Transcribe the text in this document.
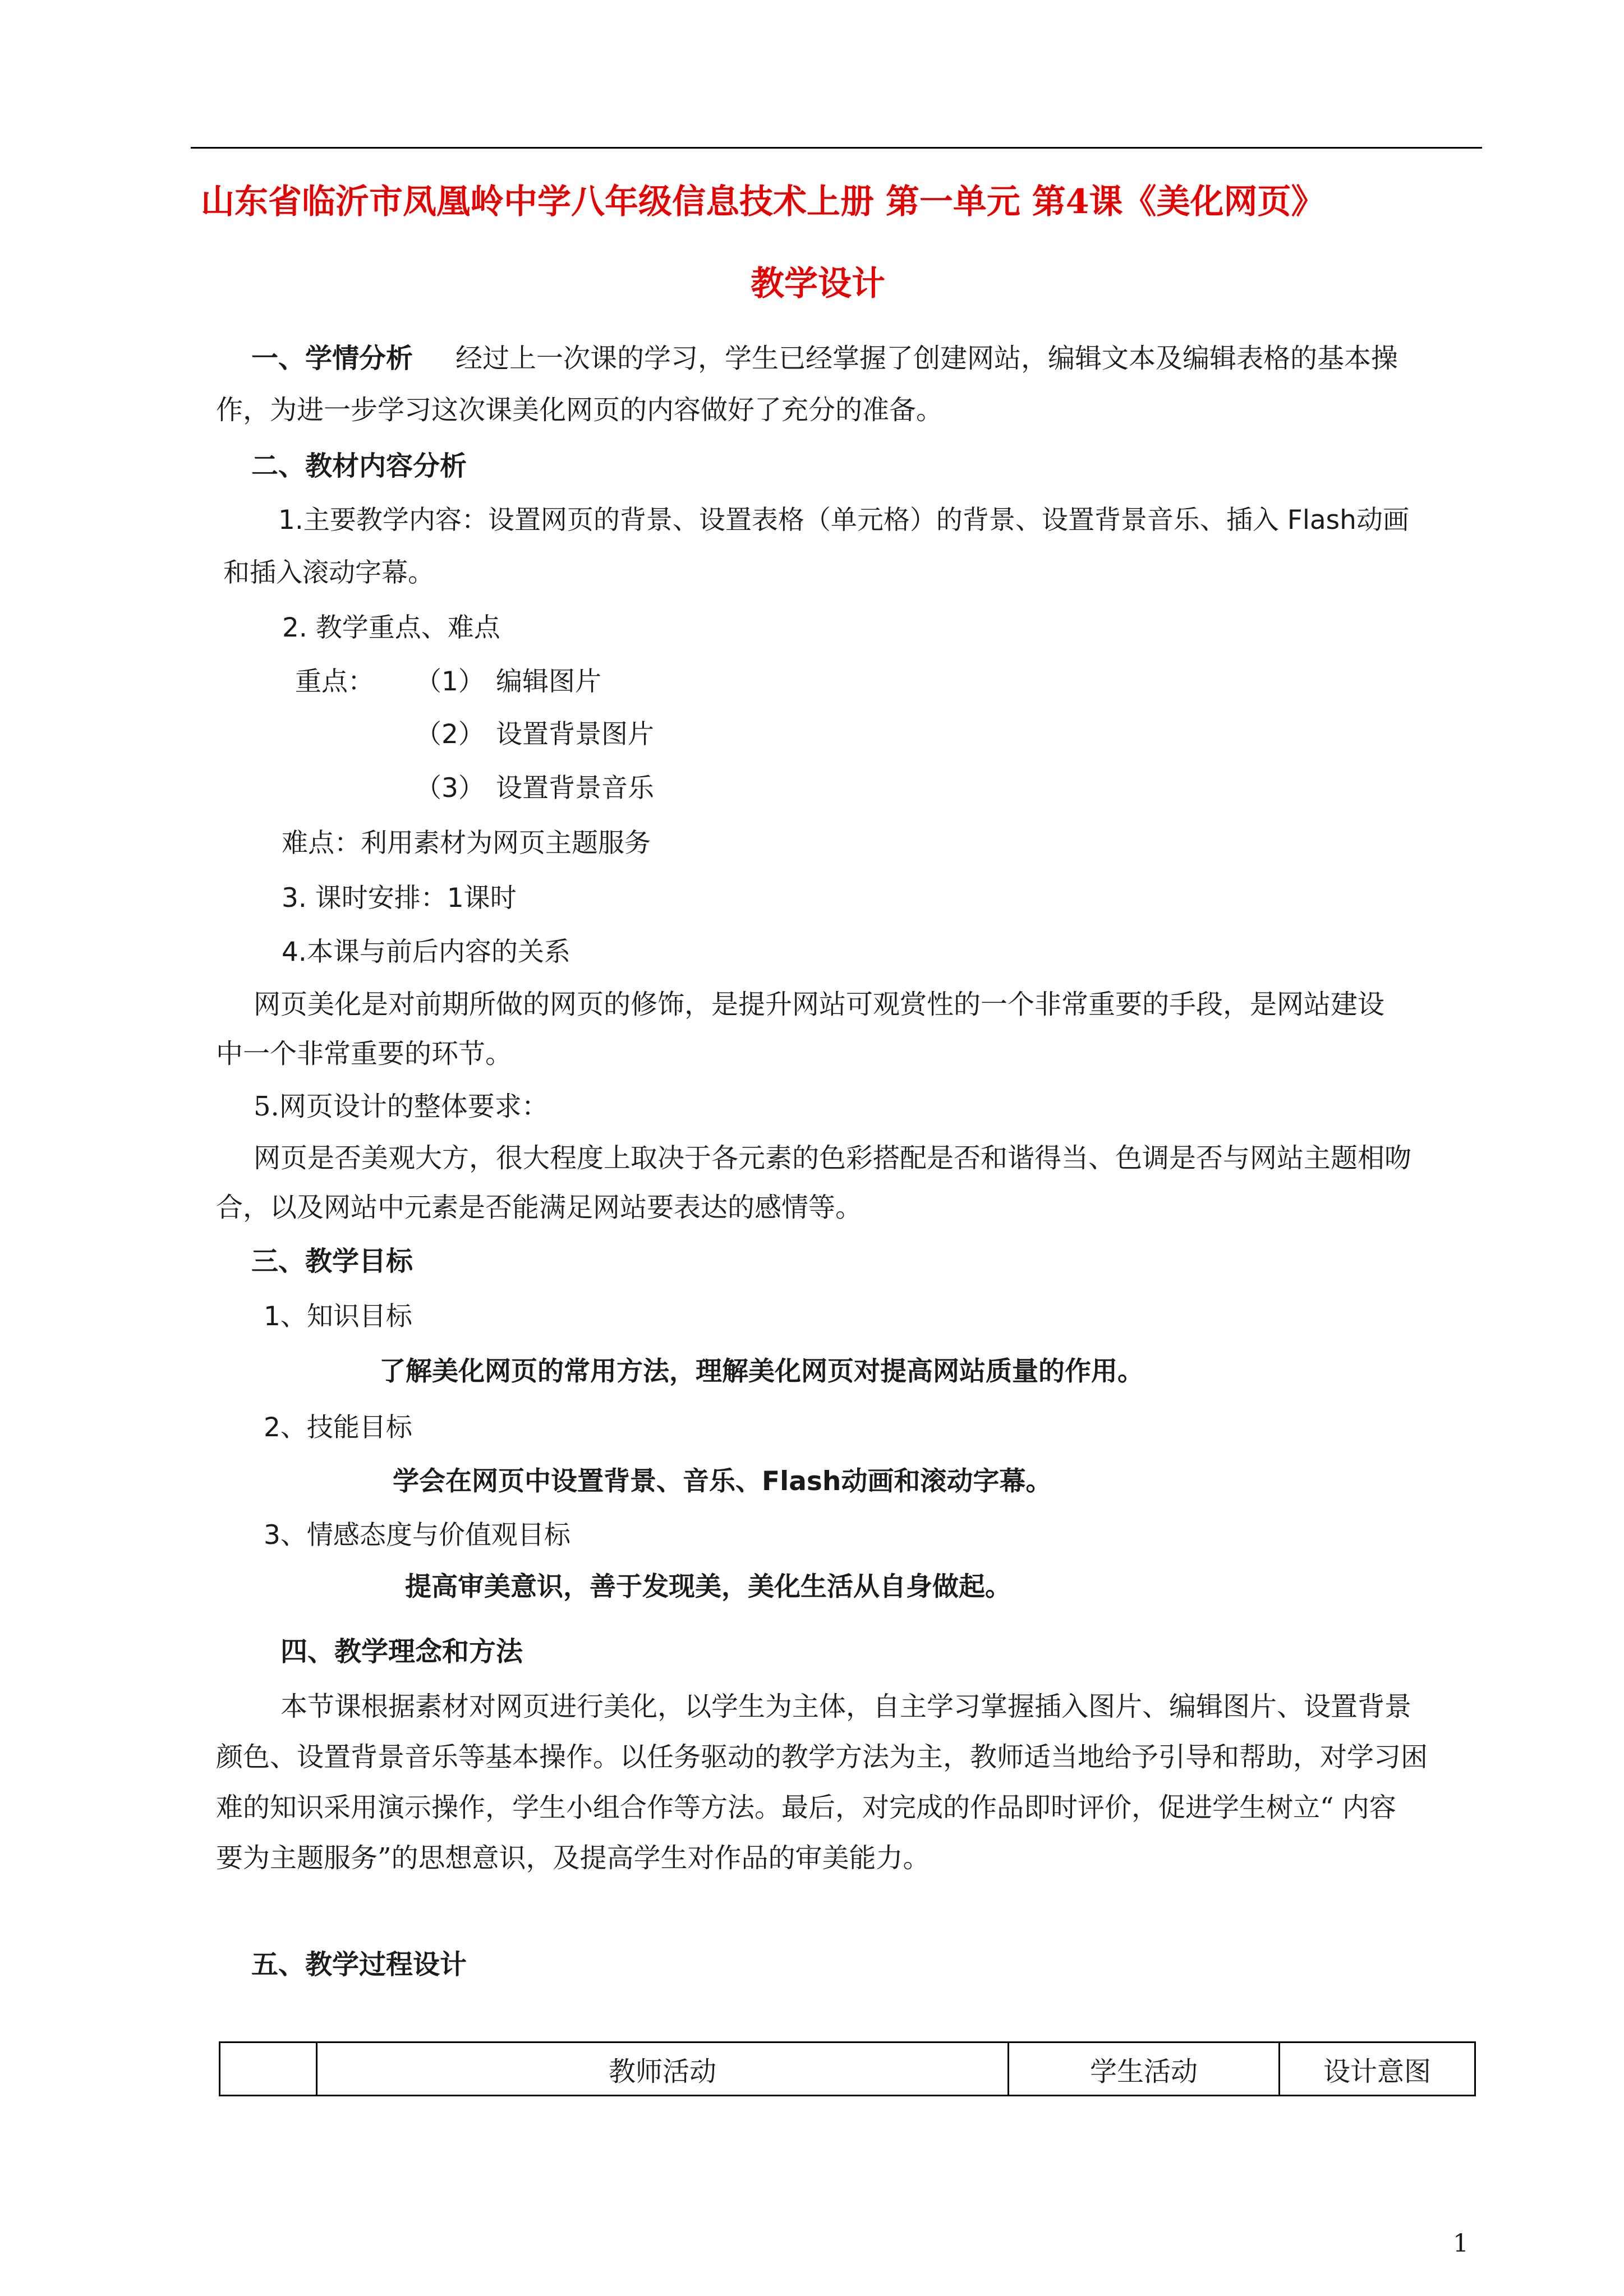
山东省临沂市凤凰岭中学八年级信息技术上册 第一单元 第4课《美化网页》
教学设计
一、学情分析 经过上一次课的学习，学生已经掌握了创建网站，编辑文本及编辑表格的基本操
作，为进一步学习这次课美化网页的内容做好了充分的准备。
二、教材内容分析
1.主要教学内容：设置网页的背景、设置表格（单元格）的背景、设置背景音乐、插入 Flash动画
和插入滚动字幕。
2. 教学重点、难点
重点： （1） 编辑图片
（2） 设置背景图片
（3） 设置背景音乐
难点：利用素材为网页主题服务
3. 课时安排：1课时
4.本课与前后内容的关系
网页美化是对前期所做的网页的修饰，是提升网站可观赏性的一个非常重要的手段，是网站建设
中一个非常重要的环节。
5.网页设计的整体要求：
网页是否美观大方，很大程度上取决于各元素的色彩搭配是否和谐得当、色调是否与网站主题相吻
合，以及网站中元素是否能满足网站要表达的感情等。
三、教学目标
1、知识目标
了解美化网页的常用方法，理解美化网页对提高网站质量的作用。
2、技能目标
学会在网页中设置背景、音乐、Flash动画和滚动字幕。
3、情感态度与价值观目标
提高审美意识，善于发现美，美化生活从自身做起。
四、教学理念和方法
本节课根据素材对网页进行美化，以学生为主体，自主学习掌握插入图片、编辑图片、设置背景
颜色、设置背景音乐等基本操作。以任务驱动的教学方法为主，教师适当地给予引导和帮助，对学习困
难的知识采用演示操作，学生小组合作等方法。最后，对完成的作品即时评价，促进学生树立“ 内容
要为主题服务”的思想意识，及提高学生对作品的审美能力。
五、教学过程设计
	教师活动	学生活动	设计意图
1
